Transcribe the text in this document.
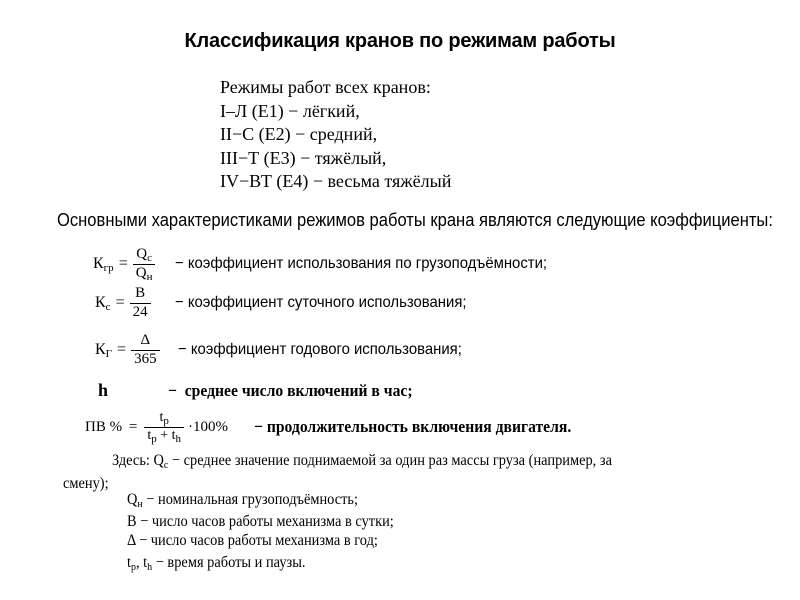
Классификация кранов по режимам работы
Режимы работ всех кранов:
I–Л (Е1) − лёгкий,
II−С (Е2) − средний,
III−Т (Е3) − тяжёлый,
IV−ВТ (Е4) − весьма тяжёлый

Основными характеристиками режимов работы крана являются следующие коэффициенты:

$К_{гр} = \frac{Q_с}{Q_н}$ − коэффициент использования по грузоподъёмности;
$К_с = \frac{В}{24}$ − коэффициент суточного использования;
$К_Г = \frac{\Delta}{365}$ − коэффициент годового использования;
h	−  среднее число включений в час;
ПВ % = $\frac{t_р}{t_р + t_h} \cdot 100\%$ − продолжительность включения двигателя.
Здесь: $Q_с$ − среднее значение поднимаемой за один раз массы груза (например, за
смену);
$Q_н$ − номинальная грузоподъёмность;
В − число часов работы механизма в сутки;
Δ − число часов работы механизма в год;
$t_р$, $t_h$ − время работы и паузы.
